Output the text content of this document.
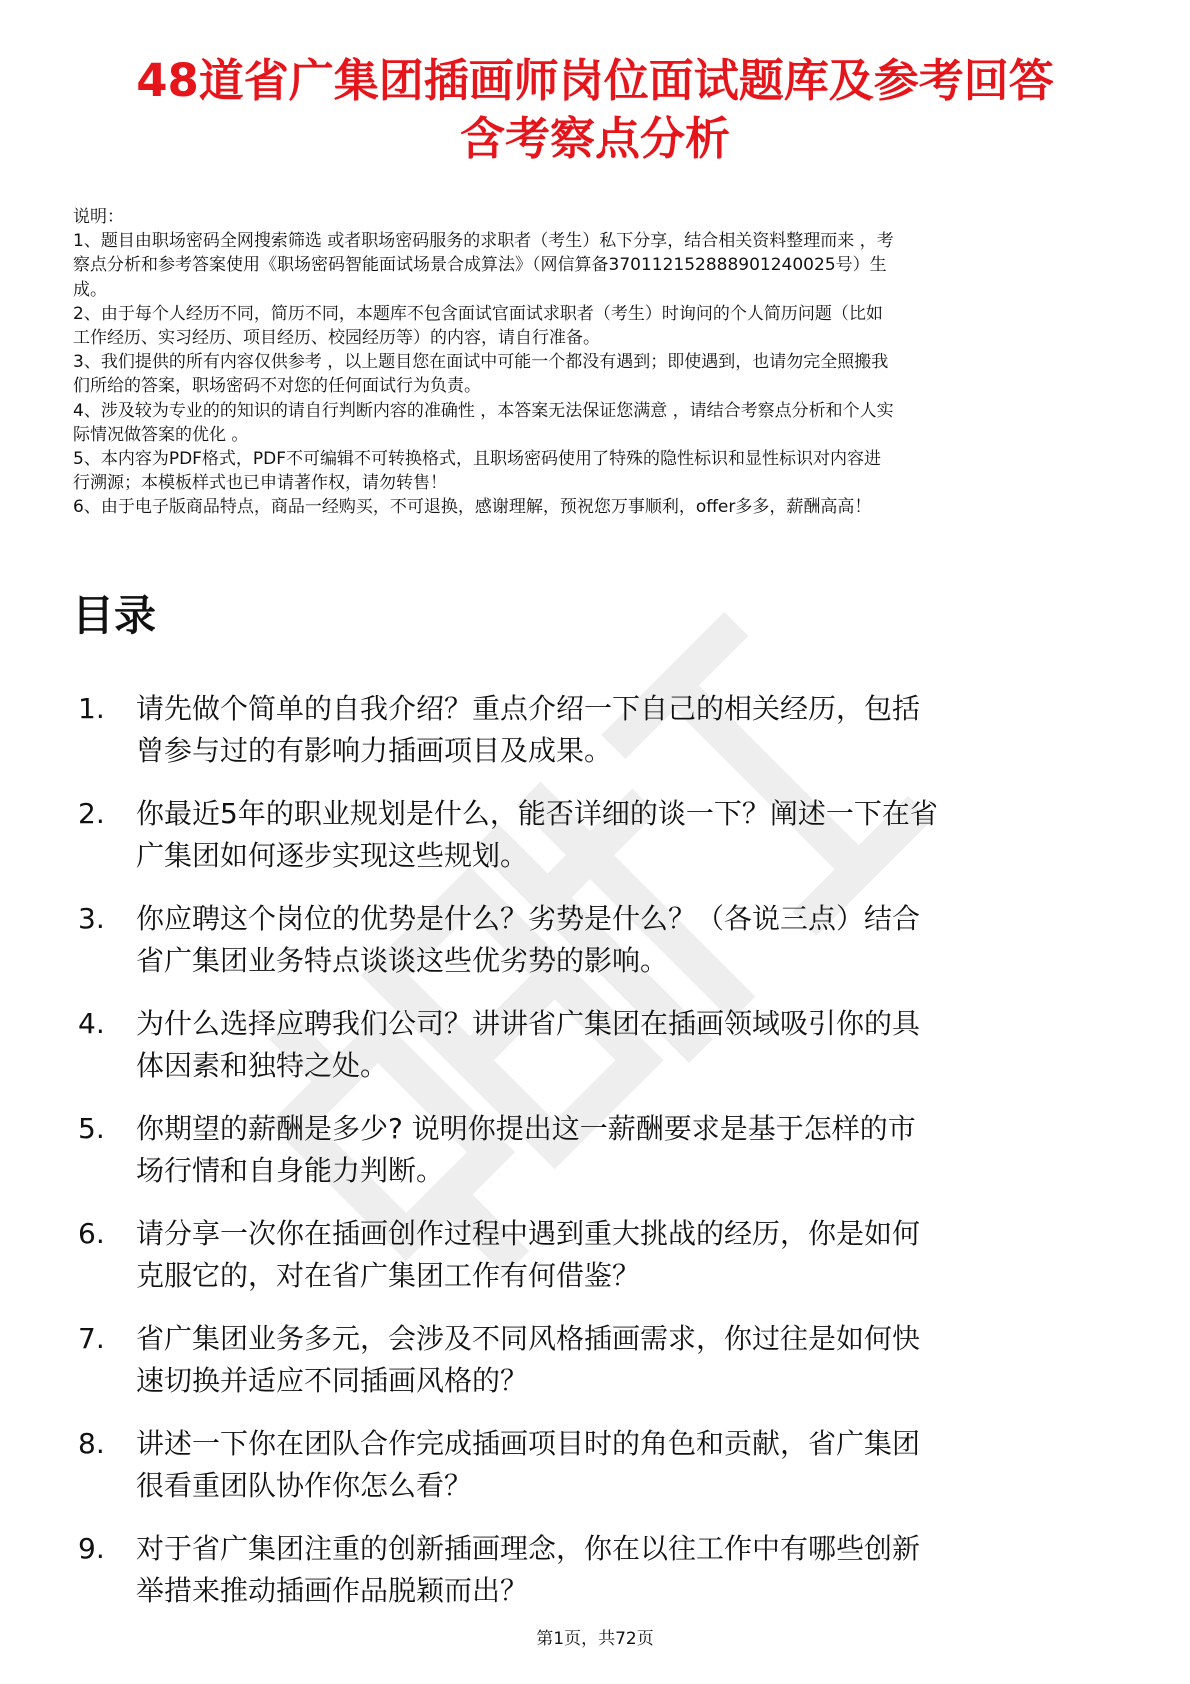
48道省广集团插画师岗位面试题库及参考回答
含考察点分析
说明：
1、题目由职场密码全网搜索筛选 或者职场密码服务的求职者（考生）私下分享，结合相关资料整理而来 ，考
察点分析和参考答案使用《职场密码智能面试场景合成算法》（网信算备370112152888901240025号）生
成。
2、由于每个人经历不同，简历不同，本题库不包含面试官面试求职者（考生）时询问的个人简历问题（比如
工作经历、实习经历、项目经历、校园经历等）的内容，请自行准备。
3、我们提供的所有内容仅供参考 ，以上题目您在面试中可能一个都没有遇到；即使遇到，也请勿完全照搬我
们所给的答案，职场密码不对您的任何面试行为负责。
4、涉及较为专业的的知识的请自行判断内容的准确性 ，本答案无法保证您满意 ，请结合考察点分析和个人实
际情况做答案的优化 。
5、本内容为PDF格式，PDF不可编辑不可转换格式，且职场密码使用了特殊的隐性标识和显性标识对内容进
行溯源；本模板样式也已申请著作权，请勿转售！
6、由于电子版商品特点，商品一经购买，不可退换，感谢理解，预祝您万事顺利，offer多多，薪酬高高！
目录
1.	请先做个简单的自我介绍？重点介绍一下自己的相关经历，包括
曾参与过的有影响力插画项目及成果。
2.	你最近5年的职业规划是什么，能否详细的谈一下？阐述一下在省
广集团如何逐步实现这些规划。
3.	你应聘这个岗位的优势是什么？劣势是什么？（各说三点）结合
省广集团业务特点谈谈这些优劣势的影响。
4.	为什么选择应聘我们公司？讲讲省广集团在插画领域吸引你的具
体因素和独特之处。
5.	你期望的薪酬是多少? 说明你提出这一薪酬要求是基于怎样的市
场行情和自身能力判断。
6.	请分享一次你在插画创作过程中遇到重大挑战的经历，你是如何
克服它的，对在省广集团工作有何借鉴？
7.	省广集团业务多元，会涉及不同风格插画需求，你过往是如何快
速切换并适应不同插画风格的？
8.	讲述一下你在团队合作完成插画项目时的角色和贡献，省广集团
很看重团队协作你怎么看？
9.	对于省广集团注重的创新插画理念，你在以往工作中有哪些创新
举措来推动插画作品脱颖而出？
第1页，共72页
